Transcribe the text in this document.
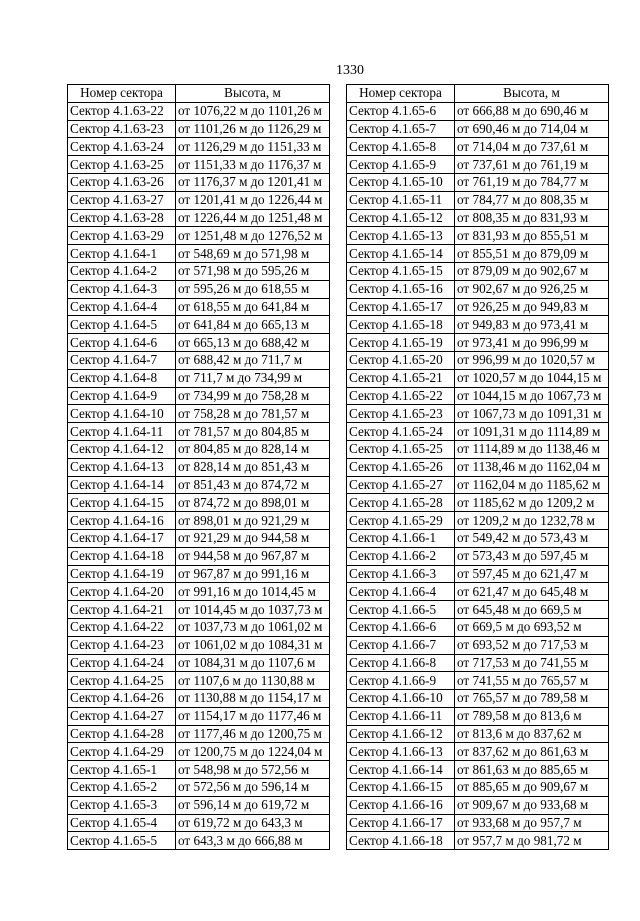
1330
Номер сектора	Высота, м
Сектор 4.1.63-22	от 1076,22 м до 1101,26 м
Сектор 4.1.63-23	от 1101,26 м до 1126,29 м
Сектор 4.1.63-24	от 1126,29 м до 1151,33 м
Сектор 4.1.63-25	от 1151,33 м до 1176,37 м
Сектор 4.1.63-26	от 1176,37 м до 1201,41 м
Сектор 4.1.63-27	от 1201,41 м до 1226,44 м
Сектор 4.1.63-28	от 1226,44 м до 1251,48 м
Сектор 4.1.63-29	от 1251,48 м до 1276,52 м
Сектор 4.1.64-1	от 548,69 м до 571,98 м
Сектор 4.1.64-2	от 571,98 м до 595,26 м
Сектор 4.1.64-3	от 595,26 м до 618,55 м
Сектор 4.1.64-4	от 618,55 м до 641,84 м
Сектор 4.1.64-5	от 641,84 м до 665,13 м
Сектор 4.1.64-6	от 665,13 м до 688,42 м
Сектор 4.1.64-7	от 688,42 м до 711,7 м
Сектор 4.1.64-8	от 711,7 м до 734,99 м
Сектор 4.1.64-9	от 734,99 м до 758,28 м
Сектор 4.1.64-10	от 758,28 м до 781,57 м
Сектор 4.1.64-11	от 781,57 м до 804,85 м
Сектор 4.1.64-12	от 804,85 м до 828,14 м
Сектор 4.1.64-13	от 828,14 м до 851,43 м
Сектор 4.1.64-14	от 851,43 м до 874,72 м
Сектор 4.1.64-15	от 874,72 м до 898,01 м
Сектор 4.1.64-16	от 898,01 м до 921,29 м
Сектор 4.1.64-17	от 921,29 м до 944,58 м
Сектор 4.1.64-18	от 944,58 м до 967,87 м
Сектор 4.1.64-19	от 967,87 м до 991,16 м
Сектор 4.1.64-20	от 991,16 м до 1014,45 м
Сектор 4.1.64-21	от 1014,45 м до 1037,73 м
Сектор 4.1.64-22	от 1037,73 м до 1061,02 м
Сектор 4.1.64-23	от 1061,02 м до 1084,31 м
Сектор 4.1.64-24	от 1084,31 м до 1107,6 м
Сектор 4.1.64-25	от 1107,6 м до 1130,88 м
Сектор 4.1.64-26	от 1130,88 м до 1154,17 м
Сектор 4.1.64-27	от 1154,17 м до 1177,46 м
Сектор 4.1.64-28	от 1177,46 м до 1200,75 м
Сектор 4.1.64-29	от 1200,75 м до 1224,04 м
Сектор 4.1.65-1	от 548,98 м до 572,56 м
Сектор 4.1.65-2	от 572,56 м до 596,14 м
Сектор 4.1.65-3	от 596,14 м до 619,72 м
Сектор 4.1.65-4	от 619,72 м до 643,3 м
Сектор 4.1.65-5	от 643,3 м до 666,88 м
Номер сектора	Высота, м
Сектор 4.1.65-6	от 666,88 м до 690,46 м
Сектор 4.1.65-7	от 690,46 м до 714,04 м
Сектор 4.1.65-8	от 714,04 м до 737,61 м
Сектор 4.1.65-9	от 737,61 м до 761,19 м
Сектор 4.1.65-10	от 761,19 м до 784,77 м
Сектор 4.1.65-11	от 784,77 м до 808,35 м
Сектор 4.1.65-12	от 808,35 м до 831,93 м
Сектор 4.1.65-13	от 831,93 м до 855,51 м
Сектор 4.1.65-14	от 855,51 м до 879,09 м
Сектор 4.1.65-15	от 879,09 м до 902,67 м
Сектор 4.1.65-16	от 902,67 м до 926,25 м
Сектор 4.1.65-17	от 926,25 м до 949,83 м
Сектор 4.1.65-18	от 949,83 м до 973,41 м
Сектор 4.1.65-19	от 973,41 м до 996,99 м
Сектор 4.1.65-20	от 996,99 м до 1020,57 м
Сектор 4.1.65-21	от 1020,57 м до 1044,15 м
Сектор 4.1.65-22	от 1044,15 м до 1067,73 м
Сектор 4.1.65-23	от 1067,73 м до 1091,31 м
Сектор 4.1.65-24	от 1091,31 м до 1114,89 м
Сектор 4.1.65-25	от 1114,89 м до 1138,46 м
Сектор 4.1.65-26	от 1138,46 м до 1162,04 м
Сектор 4.1.65-27	от 1162,04 м до 1185,62 м
Сектор 4.1.65-28	от 1185,62 м до 1209,2 м
Сектор 4.1.65-29	от 1209,2 м до 1232,78 м
Сектор 4.1.66-1	от 549,42 м до 573,43 м
Сектор 4.1.66-2	от 573,43 м до 597,45 м
Сектор 4.1.66-3	от 597,45 м до 621,47 м
Сектор 4.1.66-4	от 621,47 м до 645,48 м
Сектор 4.1.66-5	от 645,48 м до 669,5 м
Сектор 4.1.66-6	от 669,5 м до 693,52 м
Сектор 4.1.66-7	от 693,52 м до 717,53 м
Сектор 4.1.66-8	от 717,53 м до 741,55 м
Сектор 4.1.66-9	от 741,55 м до 765,57 м
Сектор 4.1.66-10	от 765,57 м до 789,58 м
Сектор 4.1.66-11	от 789,58 м до 813,6 м
Сектор 4.1.66-12	от 813,6 м до 837,62 м
Сектор 4.1.66-13	от 837,62 м до 861,63 м
Сектор 4.1.66-14	от 861,63 м до 885,65 м
Сектор 4.1.66-15	от 885,65 м до 909,67 м
Сектор 4.1.66-16	от 909,67 м до 933,68 м
Сектор 4.1.66-17	от 933,68 м до 957,7 м
Сектор 4.1.66-18	от 957,7 м до 981,72 м
